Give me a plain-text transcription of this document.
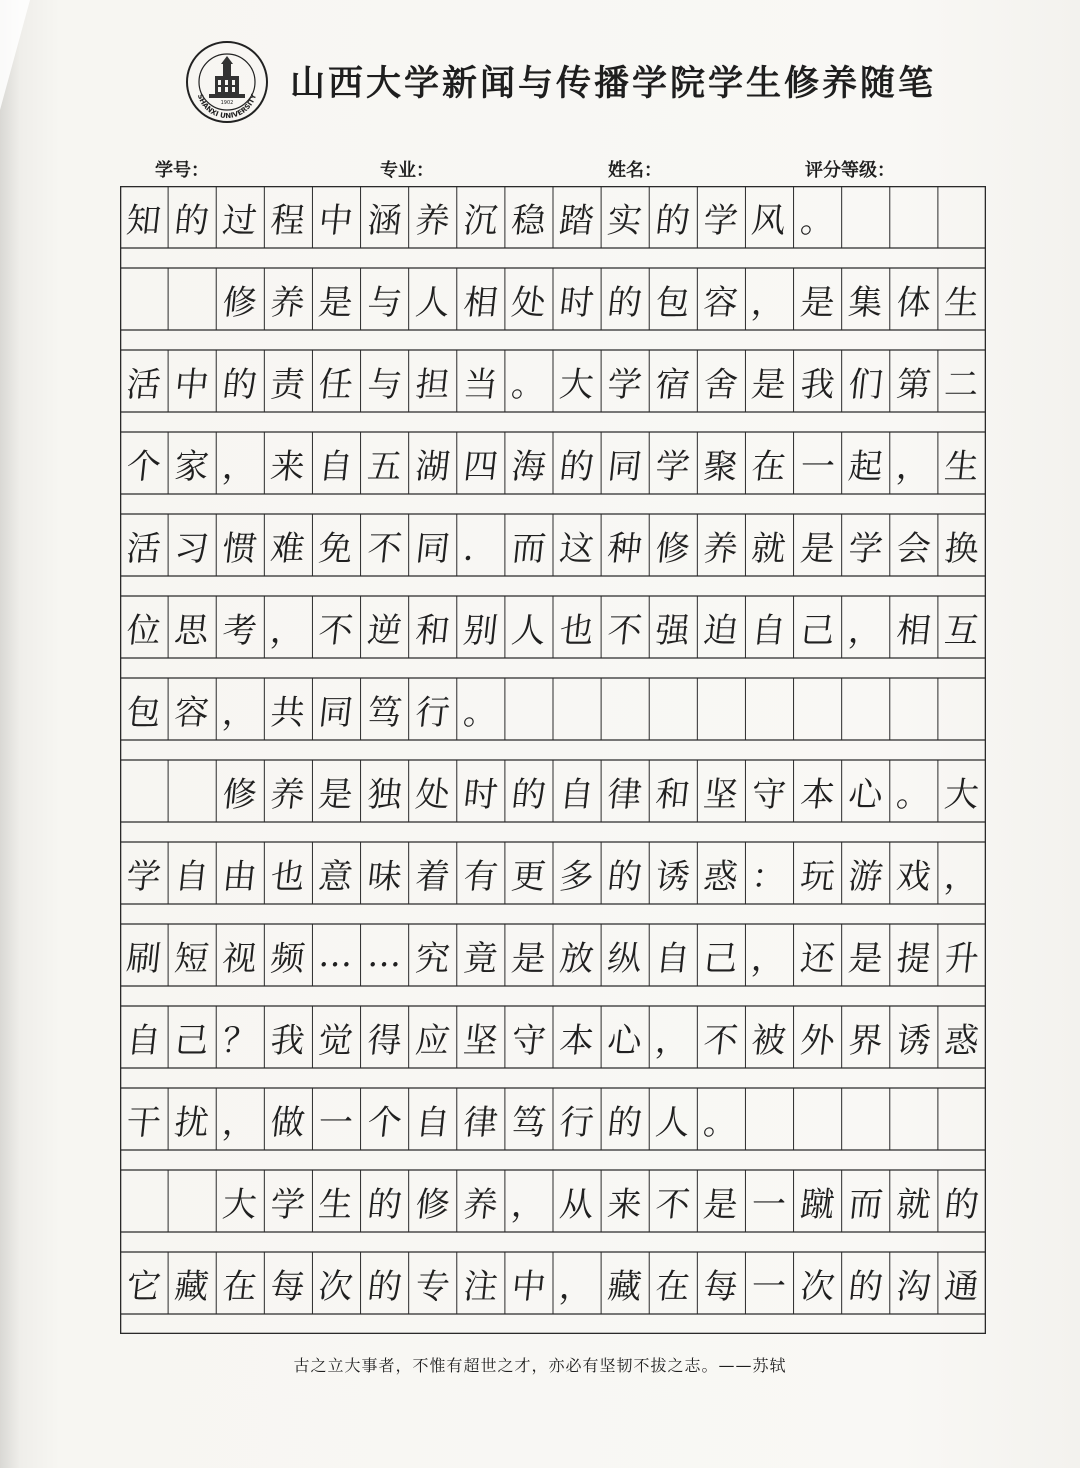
SHANXI UNIVERSITY
1902 山西大学新闻与传播学院学生修养随笔
学号：	专业：	姓名：	评分等级：
知 的 过 程 中 涵 养 沉 稳 踏 实 的 学 风 。
修 养 是 与 人 相 处 时 的 包 容 ， 是 集 体 生
活 中 的 责 任 与 担 当 。 大 学 宿 舍 是 我 们 第 二
个 家 ， 来 自 五 湖 四 海 的 同 学 聚 在 一 起 ， 生
活 习 惯 难 免 不 同 ． 而 这 种 修 养 就 是 学 会 换
位 思 考 ， 不 逆 和 别 人 也 不 强 迫 自 己 ， 相 互
包 容 ， 共 同 笃 行 。
修 养 是 独 处 时 的 自 律 和 坚 守 本 心 。 大
学 自 由 也 意 味 着 有 更 多 的 诱 惑 ： 玩 游 戏 ，
刷 短 视 频 … … 究 竟 是 放 纵 自 己 ， 还 是 提 升
自 己 ？ 我 觉 得 应 坚 守 本 心 ， 不 被 外 界 诱 惑
干 扰 ， 做 一 个 自 律 笃 行 的 人 。
大 学 生 的 修 养 ， 从 来 不 是 一 蹴 而 就 的
它 藏 在 每 次 的 专 注 中 ， 藏 在 每 一 次 的 沟 通
古之立大事者，不惟有超世之才，亦必有坚韧不拔之志。——苏轼
